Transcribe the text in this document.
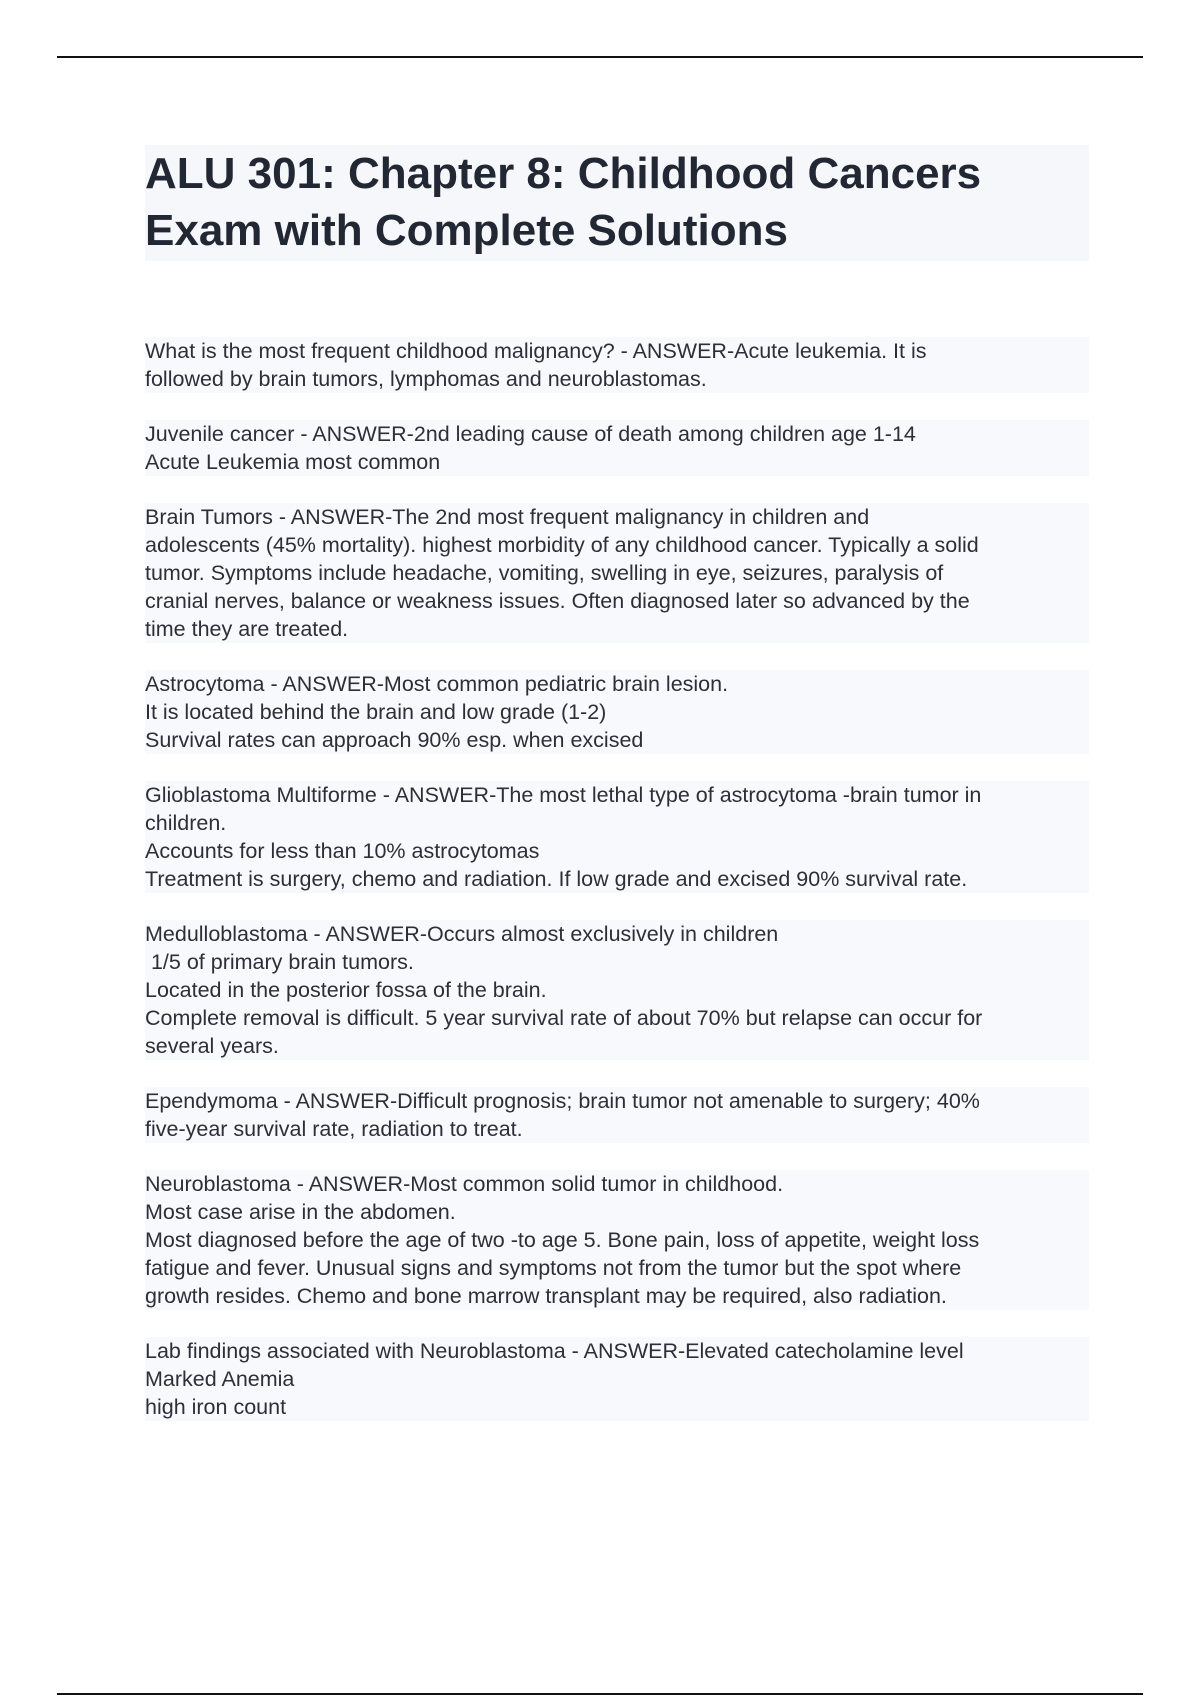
ALU 301: Chapter 8: Childhood Cancers
Exam with Complete Solutions
What is the most frequent childhood malignancy? - ANSWER-Acute leukemia. It is
followed by brain tumors, lymphomas and neuroblastomas.
Juvenile cancer - ANSWER-2nd leading cause of death among children age 1-14
Acute Leukemia most common
Brain Tumors - ANSWER-The 2nd most frequent malignancy in children and
adolescents (45% mortality). highest morbidity of any childhood cancer. Typically a solid
tumor. Symptoms include headache, vomiting, swelling in eye, seizures, paralysis of
cranial nerves, balance or weakness issues. Often diagnosed later so advanced by the
time they are treated.
Astrocytoma - ANSWER-Most common pediatric brain lesion.
It is located behind the brain and low grade (1-2)
Survival rates can approach 90% esp. when excised
Glioblastoma Multiforme - ANSWER-The most lethal type of astrocytoma -brain tumor in
children.
Accounts for less than 10% astrocytomas
Treatment is surgery, chemo and radiation. If low grade and excised 90% survival rate.
Medulloblastoma - ANSWER-Occurs almost exclusively in children
1/5 of primary brain tumors.
Located in the posterior fossa of the brain.
Complete removal is difficult. 5 year survival rate of about 70% but relapse can occur for
several years.
Ependymoma - ANSWER-Difficult prognosis; brain tumor not amenable to surgery; 40%
five-year survival rate, radiation to treat.
Neuroblastoma - ANSWER-Most common solid tumor in childhood.
Most case arise in the abdomen.
Most diagnosed before the age of two -to age 5. Bone pain, loss of appetite, weight loss
fatigue and fever. Unusual signs and symptoms not from the tumor but the spot where
growth resides. Chemo and bone marrow transplant may be required, also radiation.
Lab findings associated with Neuroblastoma - ANSWER-Elevated catecholamine level
Marked Anemia
high iron count
